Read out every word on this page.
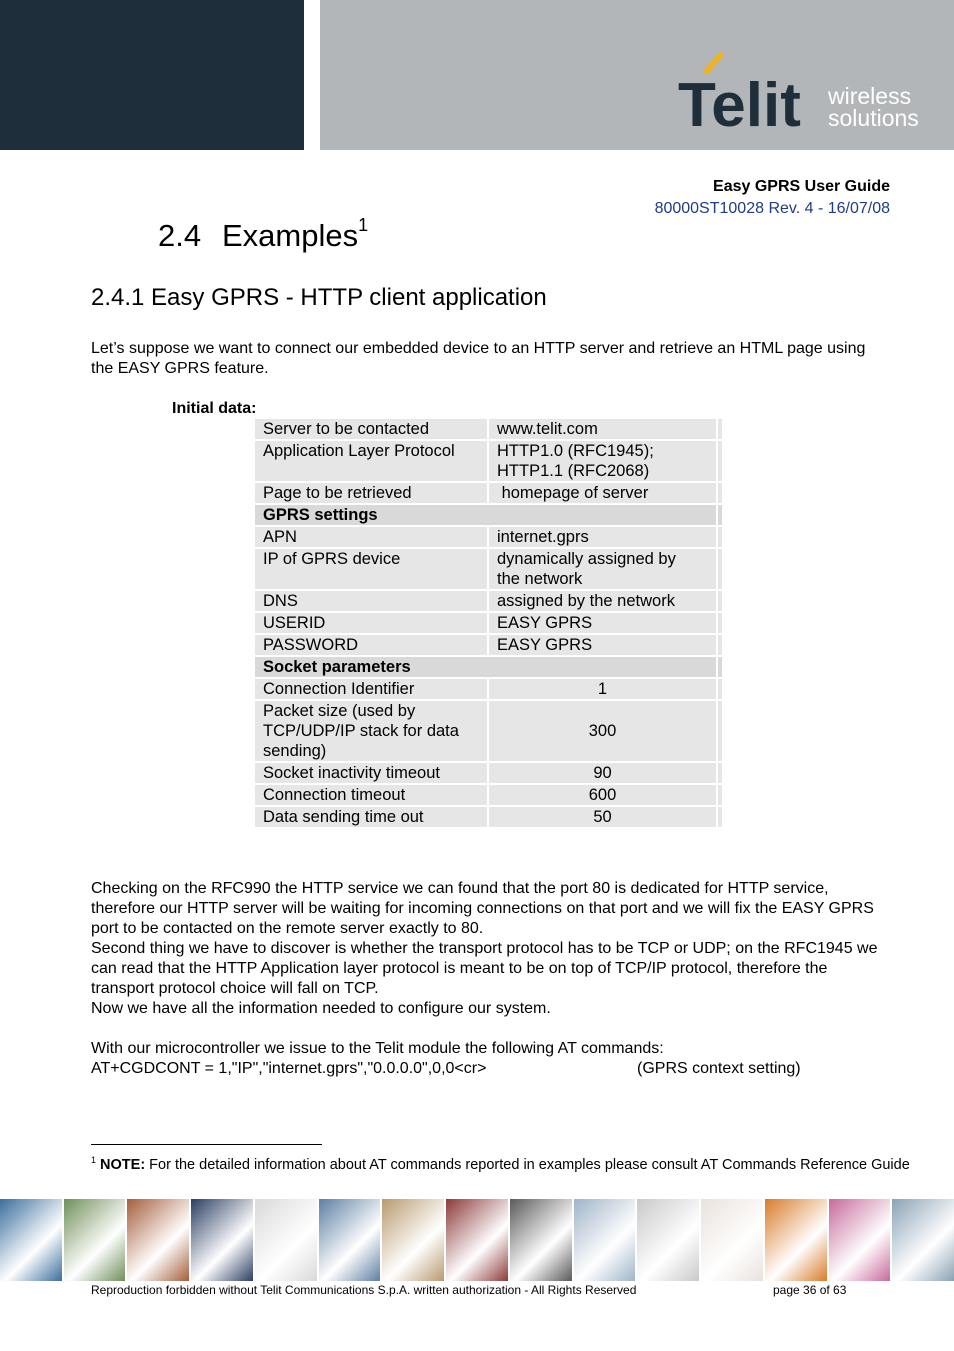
Telit wireless
solutions
Easy GPRS User Guide
80000ST10028 Rev. 4 - 16/07/08
2.4 Examples$^1$
2.4.1 Easy GPRS - HTTP client application
Let’s suppose we want to connect our embedded device to an HTTP server and retrieve an HTML page using the EASY GPRS feature.
Initial data:
Server to be contacted	www.telit.com	

Application Layer Protocol	HTTP1.0 (RFC1945);
HTTP1.1 (RFC2068)	

Page to be retrieved	homepage of server	

GPRS settings		

APN	internet.gprs	

IP of GPRS device	dynamically assigned by
the network	

DNS	assigned by the network	

USERID	EASY GPRS	

PASSWORD	EASY GPRS	

Socket parameters		

Connection Identifier	1	

Packet size (used by
TCP/UDP/IP stack for data
sending)	300	

Socket inactivity timeout	90	

Connection timeout	600	

Data sending time out	50	

Checking on the RFC990 the HTTP service we can found that the port 80 is dedicated for HTTP service, therefore our HTTP server will be waiting for incoming connections on that port and we will fix the EASY GPRS port to be contacted on the remote server exactly to 80.
Second thing we have to discover is whether the transport protocol has to be TCP or UDP; on the RFC1945 we can read that the HTTP Application layer protocol is meant to be on top of TCP/IP protocol, therefore the transport protocol choice will fall on TCP.
Now we have all the information needed to configure our system.
With our microcontroller we issue to the Telit module the following AT commands:
AT+CGDCONT = 1,"IP","internet.gprs","0.0.0.0",0,0<cr>	(GPRS context setting)
$^1$ NOTE: For the detailed information about AT commands reported in examples please consult AT Commands Reference Guide
Reproduction forbidden without Telit Communications S.p.A. written authorization - All Rights Reserved	page 36 of 63
